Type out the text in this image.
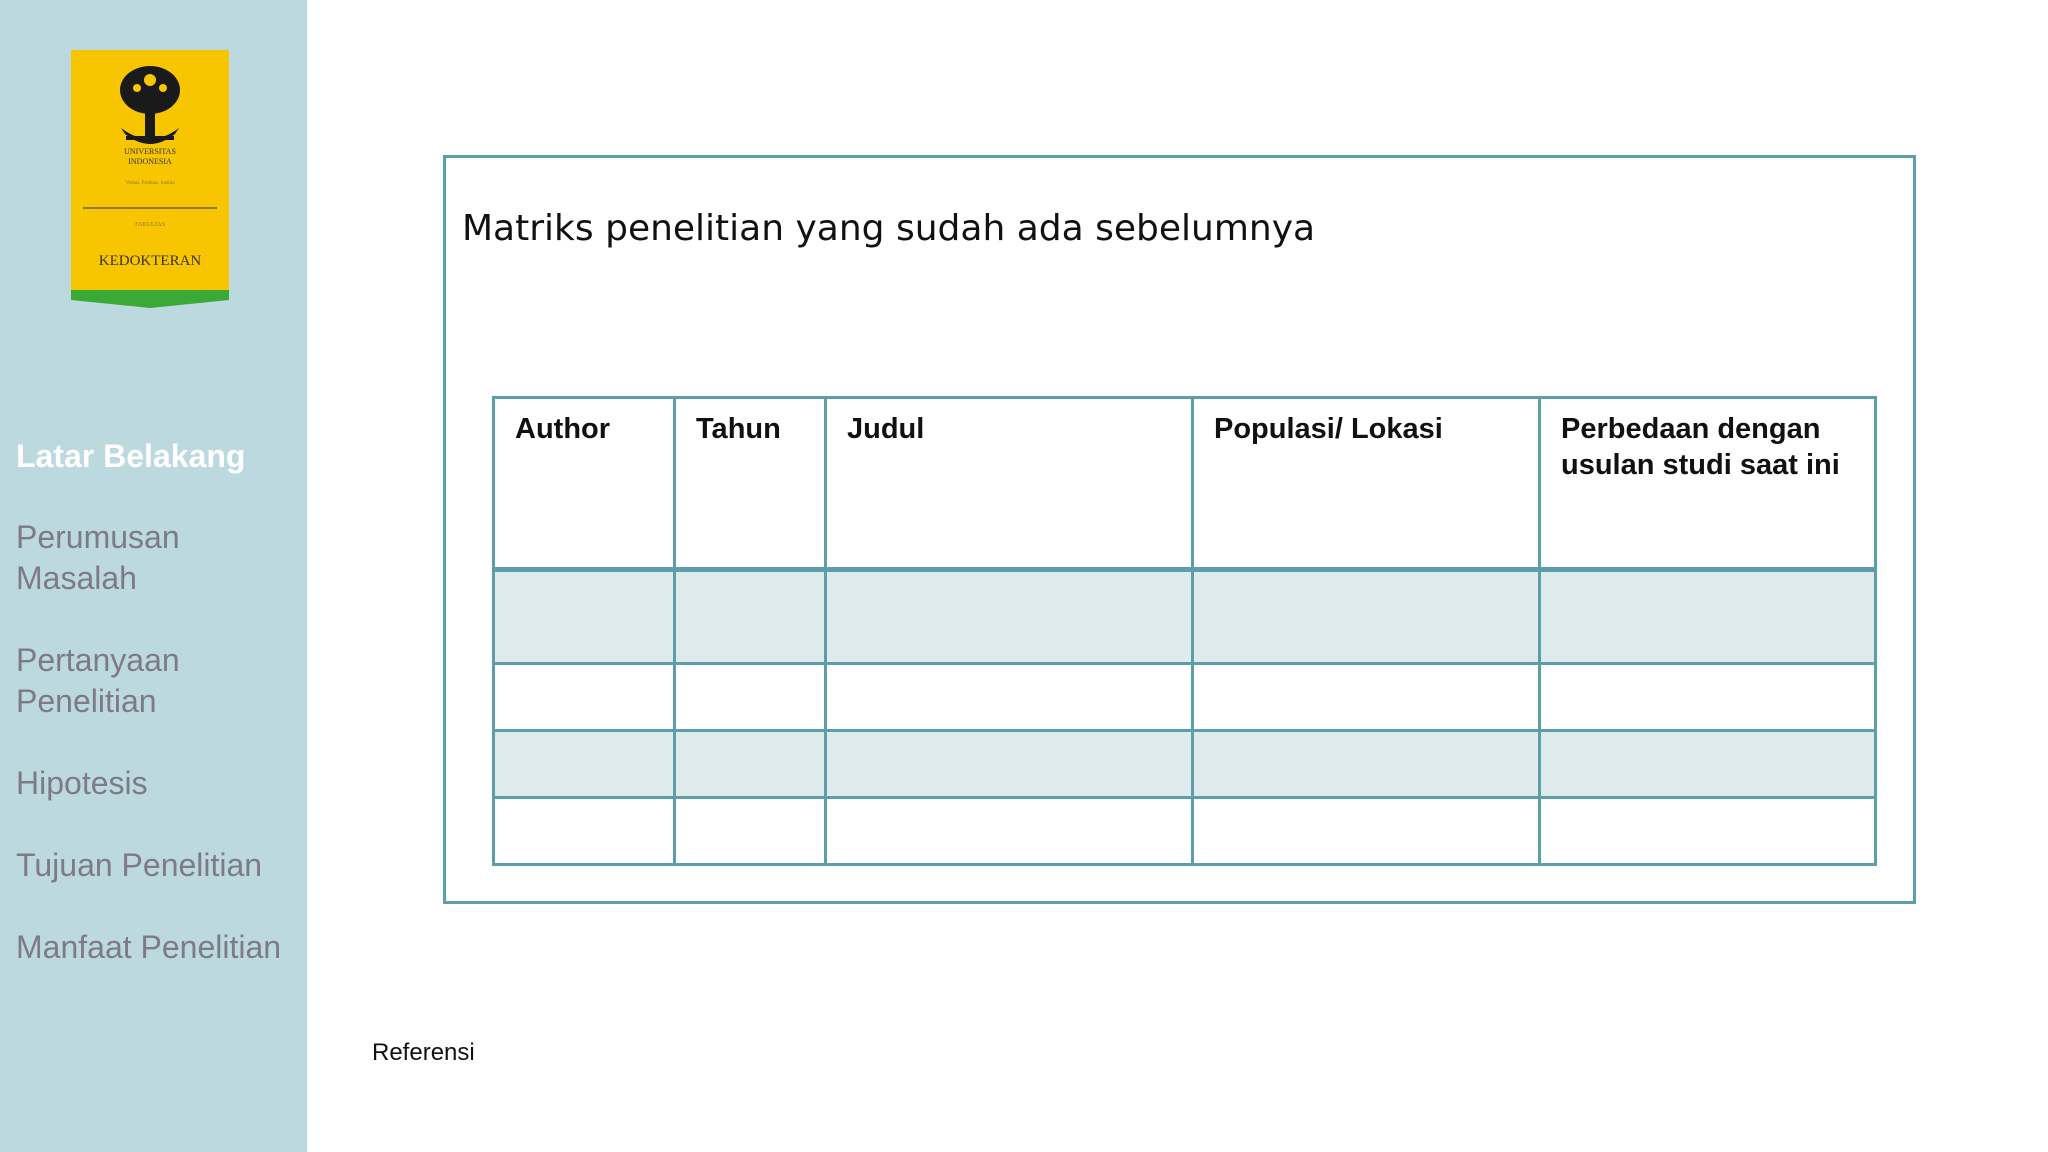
UNIVERSITAS
INDONESIA
Veritas, Probitas, Iustitia
FAKULTAS
KEDOKTERAN
Latar Belakang
Perumusan Masalah
Pertanyaan Penelitian
Hipotesis
Tujuan Penelitian
Manfaat Penelitian
Matriks penelitian yang sudah ada sebelumnya
Author	Tahun	Judul	Populasi/ Lokasi	Perbedaan dengan usulan studi saat ini

Referensi
